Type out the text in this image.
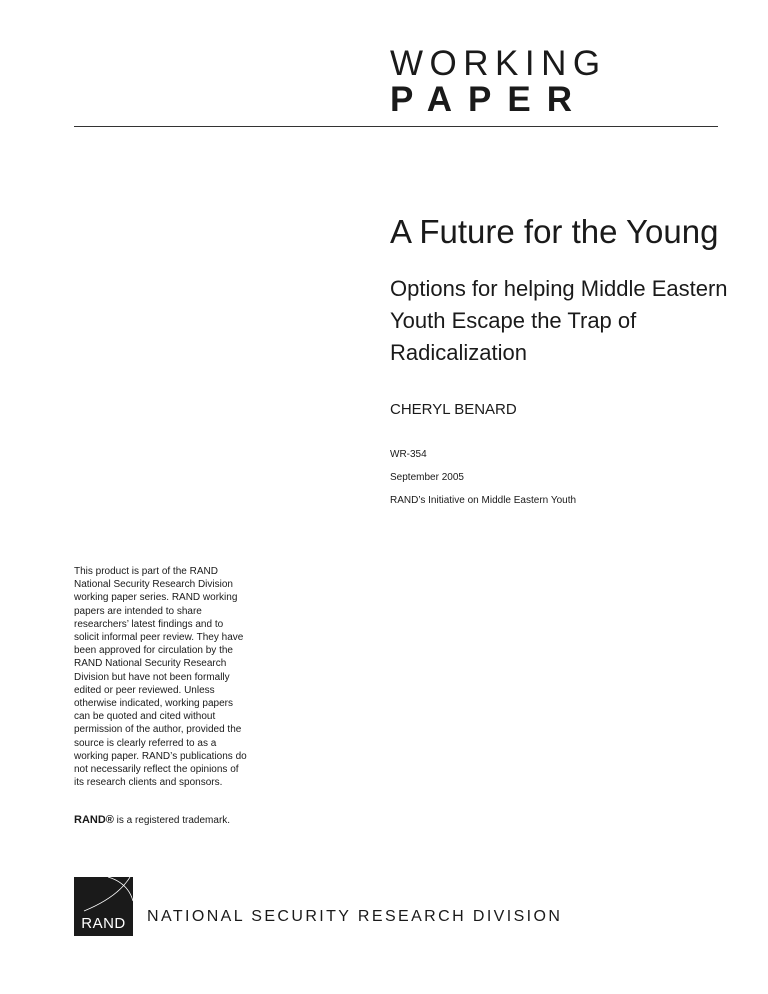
WORKING
PAPER
A Future for the Young
Options for helping Middle Eastern Youth Escape the Trap of Radicalization

CHERYL BENARD

WR-354

September 2005

RAND’s Initiative on Middle Eastern Youth

This product is part of the RAND National Security Research Division working paper series. RAND working papers are intended to share researchers’ latest findings and to solicit informal peer review. They have been approved for circulation by the RAND National Security Research Division but have not been formally edited or peer reviewed. Unless otherwise indicated, working papers can be quoted and cited without permission of the author, provided the source is clearly referred to as a working paper. RAND’s publications do not necessarily reflect the opinions of its research clients and sponsors.

RAND® is a registered trademark.

RAND	NATIONAL SECURITY RESEARCH DIVISION
